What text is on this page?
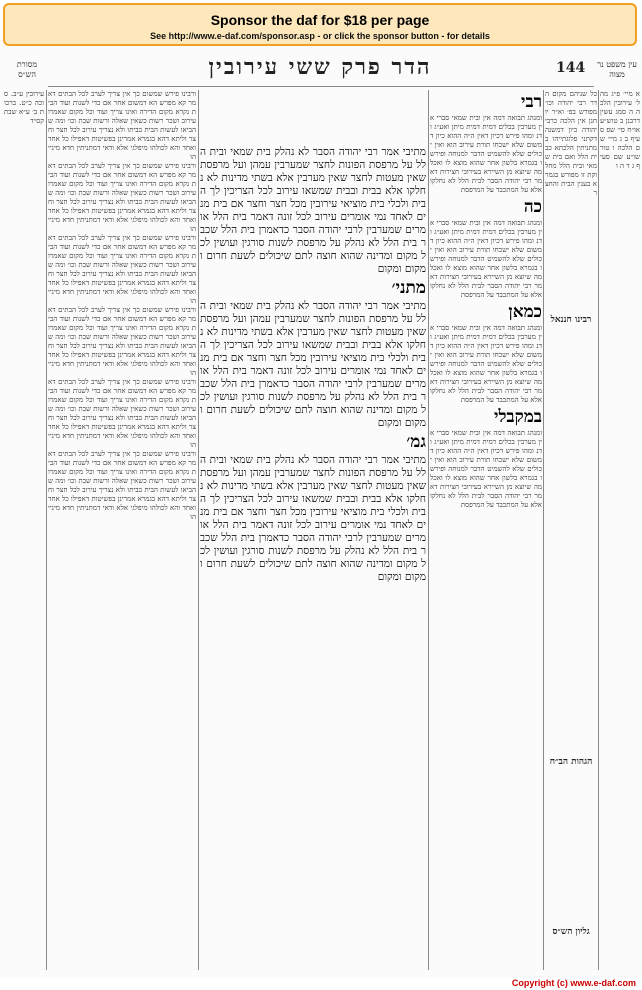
Sponsor the daf for $18 per page
See http://www.e-daf.com/sponsor.asp - or click the sponsor button - for details
הדר פרק ששי עירובין	144 עין משפט נר מצוה
מסורת הש״ס
א מיי׳ פ״ג מהל׳ עירובין הלכה ה סמג עשין דרבנן ב טוש״ע או״ח סי׳ שפ סעיף ב ג מיי׳ שם הלכה ו טור שו״ע שם סעיף ג ד ה ו
כל שניהם מקום הדר רבי יהודה וכו׳ מפורש בפ׳ וא״ר יוחנן אין הלכה כרבי יהודה כיון דמשנה דקתני פלוגתייהו במתניתין הלכתא כבית הלל ואם בית שמאי ובית הלל מחלוקת זו מפורש בגמרא בענין הבית והחצר
רבינו חננאל
הגהות הב״ח
גליון הש״ס
רבי
ומנהג תבואה דמה אין ובית שמאי סברי אין מערבין בכלים דמית דמית מיתן ואע״ג ודנ ומהו פירש דכיון דאין ה״ה ההוא כיון דמשום שלא ישכחו תורת עירוב הוא ואין יכולים שלא להשמיט הדבר למנוחה ופירשו בגמרא בלשון אחר שהוא מוצא לו ואכל מה שיוצא מן השיירא בעירובי חצירות דאמר רבי יהודה הסבר לבית הלל לא נחלקו אלא על המתכבד על המרפסת
כה
ומנהג תבואה דמה אין ובית שמאי סברי אין מערבין בכלים דמית דמית מיתן ואע״ג ודנ ומהו פירש דכיון דאין ה״ה ההוא כיון דמשום שלא ישכחו תורת עירוב הוא ואין יכולים שלא להשמיט הדבר למנוחה ופירשו בגמרא בלשון אחר שהוא מוצא לו ואכל מה שיוצא מן השיירא בעירובי חצירות דאמר רבי יהודה הסבר לבית הלל לא נחלקו אלא על המתכבד על המרפסת
כמאן
ומנהג תבואה דמה אין ובית שמאי סברי אין מערבין בכלים דמית דמית מיתן ואע״ג ודנ ומהו פירש דכיון דאין ה״ה ההוא כיון דמשום שלא ישכחו תורת עירוב הוא ואין יכולים שלא להשמיט הדבר למנוחה ופירשו בגמרא בלשון אחר שהוא מוצא לו ואכל מה שיוצא מן השיירא בעירובי חצירות דאמר רבי יהודה הסבר לבית הלל לא נחלקו אלא על המתכבד על המרפסת
במקבלי
ומנהג תבואה דמה אין ובית שמאי סברי אין מערבין בכלים דמית דמית מיתן ואע״ג ודנ ומהו פירש דכיון דאין ה״ה ההוא כיון דמשום שלא ישכחו תורת עירוב הוא ואין יכולים שלא להשמיט הדבר למנוחה ופירשו בגמרא בלשון אחר שהוא מוצא לו ואכל מה שיוצא מן השיירא בעירובי חצירות דאמר רבי יהודה הסבר לבית הלל לא נחלקו אלא על המתכבד על המרפסת
מתיבי אמר רבי יהודה הסבר לא נהלק בית שמאי ובית הלל על מרפסת הפונות לחצר שמערבין עמהן ועל מרפסת שאין מעטות לחצר שאין מערבין אלא בשתי מדינות לא נחלקו אלא בבית ובבית שמשאו עירוב לכל הצריכין לך הבית ולכלי בית מוציאי עירובין מכל חצר וחצר אם בית מנים לאחד נמי אומרים עירוב לכל זונה דאמר בית הלל אומרים שמערבין לרבי יהודה הסבר כדאמרן בית הלל שכבר בית הלל לא נהלק על מרפסת לשנות סורגין ועושין לכל מקום ומדינה שהוא חוצה לתם שיכולים לשעת חרום ומקום ומקום
מתני׳
מתיבי אמר רבי יהודה הסבר לא נהלק בית שמאי ובית הלל על מרפסת הפונות לחצר שמערבין עמהן ועל מרפסת שאין מעטות לחצר שאין מערבין אלא בשתי מדינות לא נחלקו אלא בבית ובבית שמשאו עירוב לכל הצריכין לך הבית ולכלי בית מוציאי עירובין מכל חצר וחצר אם בית מנים לאחד נמי אומרים עירוב לכל זונה דאמר בית הלל אומרים שמערבין לרבי יהודה הסבר כדאמרן בית הלל שכבר בית הלל לא נהלק על מרפסת לשנות סורגין ועושין לכל מקום ומדינה שהוא חוצה לתם שיכולים לשעת חרום ומקום ומקום
גמ׳
מתיבי אמר רבי יהודה הסבר לא נהלק בית שמאי ובית הלל על מרפסת הפונות לחצר שמערבין עמהן ועל מרפסת שאין מעטות לחצר שאין מערבין אלא בשתי מדינות לא נחלקו אלא בבית ובבית שמשאו עירוב לכל הצריכין לך הבית ולכלי בית מוציאי עירובין מכל חצר וחצר אם בית מנים לאחד נמי אומרים עירוב לכל זונה דאמר בית הלל אומרים שמערבין לרבי יהודה הסבר כדאמרן בית הלל שכבר בית הלל לא נהלק על מרפסת לשנות סורגין ועושין לכל מקום ומדינה שהוא חוצה לתם שיכולים לשעת חרום ומקום ומקום
ורבינו פירש שמשום כך אין צריך לערב לכל הבתים דאמר קא מפרש הא דמשום אחר אם כדי לשנות ועוד הבית נקרא מקום הדירה ואינו צריך ועוד וכל מקום שאמרו עירוב ושכר רשות כשאין שאלה ורשות שבת וכו׳ ומה שהביאו לעשות הבית בביתו ולא נצריך עירוב לכל חצר וחצר וליתא דהא בגמרא אמרינן בפשיטות דאפילו כל אחד ואחד והא לכולהו מיפלגי אלא ודאי דמתניתין חדא מינייהו
ורבינו פירש שמשום כך אין צריך לערב לכל הבתים דאמר קא מפרש הא דמשום אחר אם כדי לשנות ועוד הבית נקרא מקום הדירה ואינו צריך ועוד וכל מקום שאמרו עירוב ושכר רשות כשאין שאלה ורשות שבת וכו׳ ומה שהביאו לעשות הבית בביתו ולא נצריך עירוב לכל חצר וחצר וליתא דהא בגמרא אמרינן בפשיטות דאפילו כל אחד ואחד והא לכולהו מיפלגי אלא ודאי דמתניתין חדא מינייהו
ורבינו פירש שמשום כך אין צריך לערב לכל הבתים דאמר קא מפרש הא דמשום אחר אם כדי לשנות ועוד הבית נקרא מקום הדירה ואינו צריך ועוד וכל מקום שאמרו עירוב ושכר רשות כשאין שאלה ורשות שבת וכו׳ ומה שהביאו לעשות הבית בביתו ולא נצריך עירוב לכל חצר וחצר וליתא דהא בגמרא אמרינן בפשיטות דאפילו כל אחד ואחד והא לכולהו מיפלגי אלא ודאי דמתניתין חדא מינייהו
ורבינו פירש שמשום כך אין צריך לערב לכל הבתים דאמר קא מפרש הא דמשום אחר אם כדי לשנות ועוד הבית נקרא מקום הדירה ואינו צריך ועוד וכל מקום שאמרו עירוב ושכר רשות כשאין שאלה ורשות שבת וכו׳ ומה שהביאו לעשות הבית בביתו ולא נצריך עירוב לכל חצר וחצר וליתא דהא בגמרא אמרינן בפשיטות דאפילו כל אחד ואחד והא לכולהו מיפלגי אלא ודאי דמתניתין חדא מינייהו
ורבינו פירש שמשום כך אין צריך לערב לכל הבתים דאמר קא מפרש הא דמשום אחר אם כדי לשנות ועוד הבית נקרא מקום הדירה ואינו צריך ועוד וכל מקום שאמרו עירוב ושכר רשות כשאין שאלה ורשות שבת וכו׳ ומה שהביאו לעשות הבית בביתו ולא נצריך עירוב לכל חצר וחצר וליתא דהא בגמרא אמרינן בפשיטות דאפילו כל אחד ואחד והא לכולהו מיפלגי אלא ודאי דמתניתין חדא מינייהו
ורבינו פירש שמשום כך אין צריך לערב לכל הבתים דאמר קא מפרש הא דמשום אחר אם כדי לשנות ועוד הבית נקרא מקום הדירה ואינו צריך ועוד וכל מקום שאמרו עירוב ושכר רשות כשאין שאלה ורשות שבת וכו׳ ומה שהביאו לעשות הבית בביתו ולא נצריך עירוב לכל חצר וחצר וליתא דהא בגמרא אמרינן בפשיטות דאפילו כל אחד ואחד והא לכולהו מיפלגי אלא ודאי דמתניתין חדא מינייהו
עירובין ע״ב. סוכה כ״ט. ברכות ב׳ ע״א שבת קס״ד
Copyright (c) www.e-daf.com
